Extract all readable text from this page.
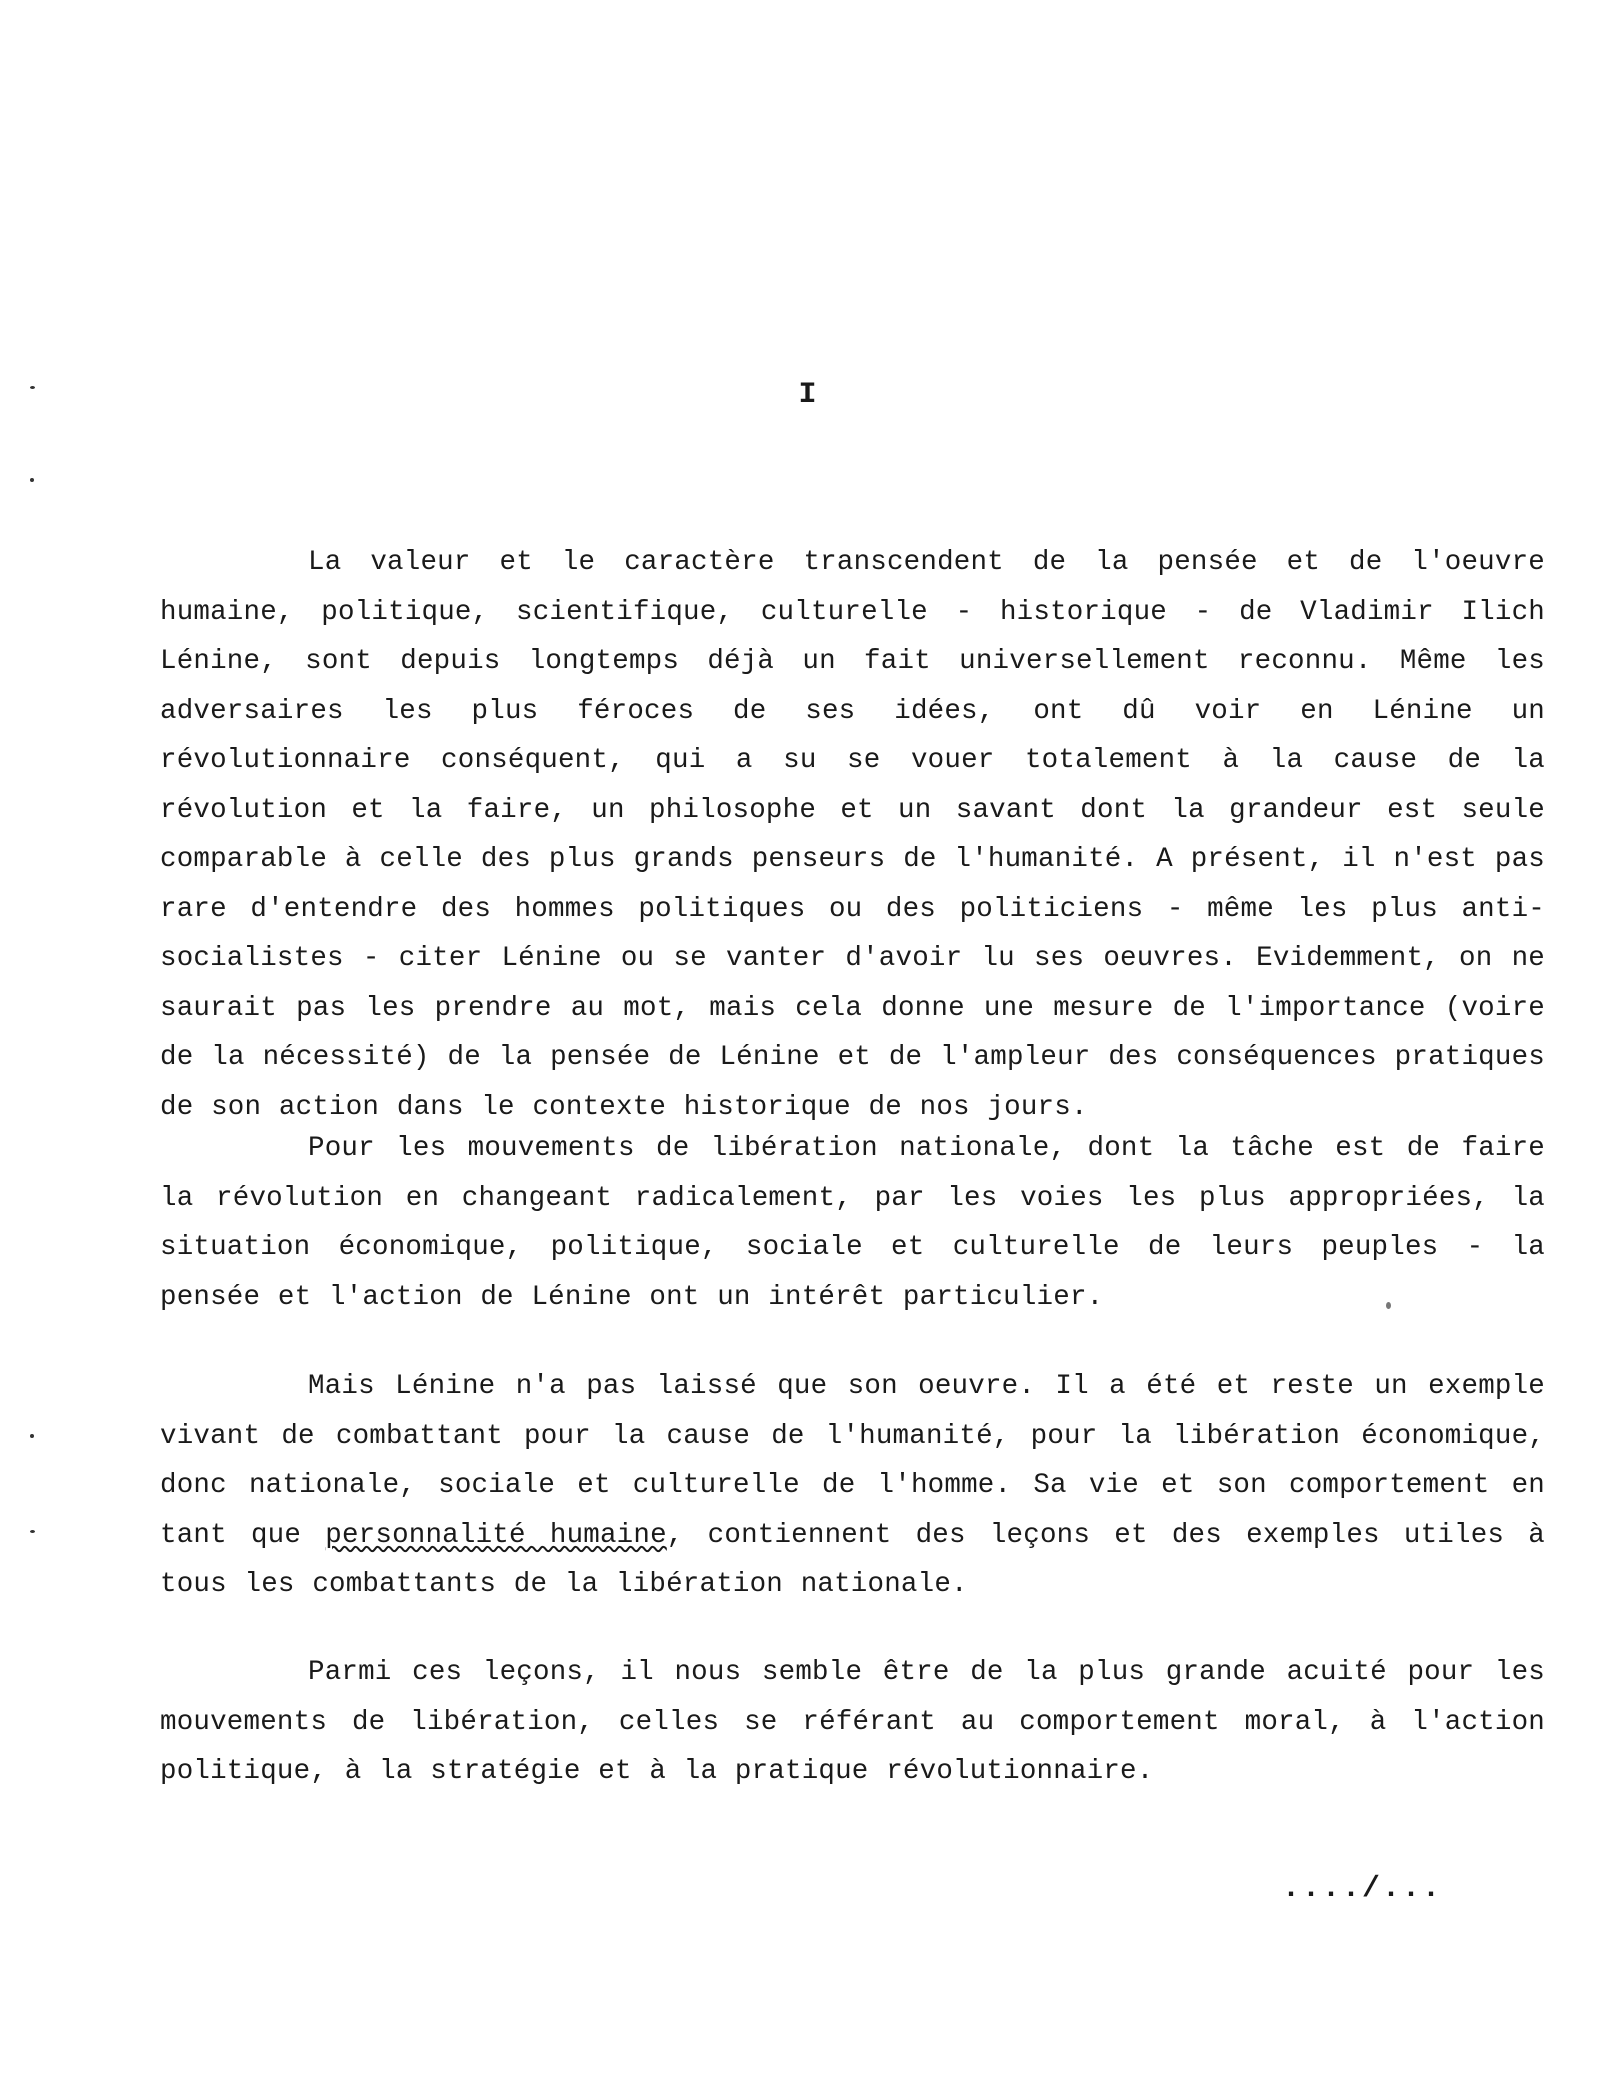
I

La valeur et le caractère transcendent de la pensée et de l'oeuvre humaine, politique, scientifique, culturelle - historique - de Vladimir Ilich Lénine, sont depuis longtemps déjà un fait universellement reconnu. Même les adversaires les plus féroces de ses idées, ont dû voir en Lénine un révolutionnaire conséquent, qui a su se vouer totalement à la cause de la révolution et la faire, un philosophe et un savant dont la grandeur est seule comparable à celle des plus grands penseurs de l'humanité. A présent, il n'est pas rare d'entendre des hommes politiques ou des politiciens - même les plus anti-socialistes - citer Lénine ou se vanter d'avoir lu ses oeuvres. Evidemment, on ne saurait pas les prendre au mot, mais cela donne une mesure de l'importance (voire de la nécessité) de la pensée de Lénine et de l'ampleur des conséquences pratiques de son action dans le contexte historique de nos jours.

Pour les mouvements de libération nationale, dont la tâche est de faire la révolution en changeant radicalement, par les voies les plus appropriées, la situation économique, politique, sociale et culturelle de leurs peuples - la pensée et l'action de Lénine ont un intérêt particulier.

Mais Lénine n'a pas laissé que son oeuvre. Il a été et reste un exemple vivant de combattant pour la cause de l'humanité, pour la libération économique, donc nationale, sociale et culturelle de l'homme. Sa vie et son comportement en tant que personnalité humaine, contiennent des leçons et des exemples utiles à tous les combattants de la libération nationale.

Parmi ces leçons, il nous semble être de la plus grande acuité pour les mouvements de libération, celles se référant au comportement moral, à l'action politique, à la stratégie et à la pratique révolutionnaire.

..../...
